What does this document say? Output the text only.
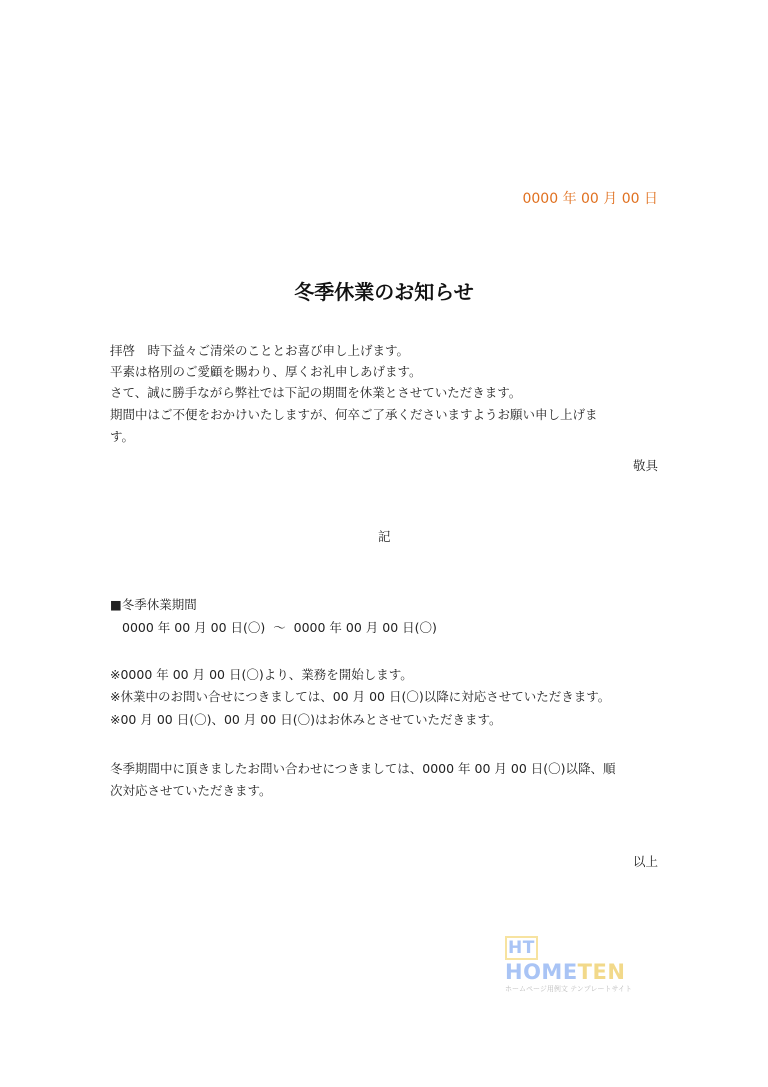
0000 年 00 月 00 日
冬季休業のお知らせ
拝啓　時下益々ご清栄のこととお喜び申し上げます。
平素は格別のご愛顧を賜わり、厚くお礼申しあげます。
さて、誠に勝手ながら弊社では下記の期間を休業とさせていただきます。
期間中はご不便をおかけいたしますが、何卒ご了承くださいますようお願い申し上げま
す。
敬具
記
■冬季休業期間
0000 年 00 月 00 日(〇)  ～  0000 年 00 月 00 日(〇)
※0000 年 00 月 00 日(〇)より、業務を開始します。
※休業中のお問い合せにつきましては、00 月 00 日(〇)以降に対応させていただきます。
※00 月 00 日(〇)、00 月 00 日(〇)はお休みとさせていただきます。
冬季期間中に頂きましたお問い合わせにつきましては、0000 年 00 月 00 日(〇)以降、順
次対応させていただきます。
以上
HT HOMETEN
ホームページ用例文 テンプレートサイト
